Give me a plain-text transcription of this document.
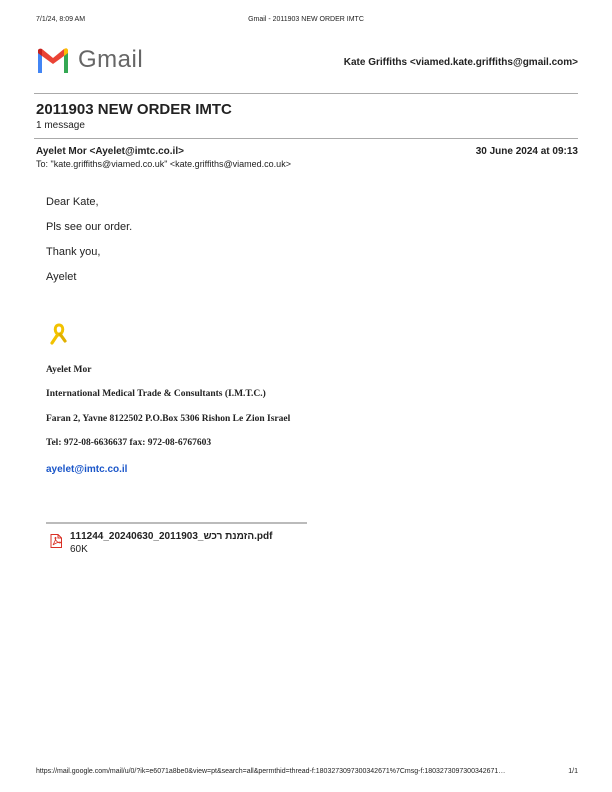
7/1/24, 8:09 AM	Gmail - 2011903 NEW ORDER IMTC
Gmail	Kate Griffiths <viamed.kate.griffiths@gmail.com>
2011903 NEW ORDER IMTC
1 message
Ayelet Mor <Ayelet@imtc.co.il>	30 June 2024 at 09:13
To: "kate.griffiths@viamed.co.uk" <kate.griffiths@viamed.co.uk>
Dear Kate,
Pls see our order.
Thank you,
Ayelet
Ayelet Mor
International Medical Trade & Consultants (I.M.T.C.)
Faran 2, Yavne 8122502 P.O.Box 5306 Rishon Le Zion Israel
Tel: 972-08-6636637 fax: 972-08-6767603
ayelet@imtc.co.il
111244_20240630_2011903_הזמנת רכש.pdf
60K
https://mail.google.com/mail/u/0/?ik=e6071a8be0&view=pt&search=all&permthid=thread-f:1803273097300342671%7Cmsg-f:1803273097300342671…	1/1
